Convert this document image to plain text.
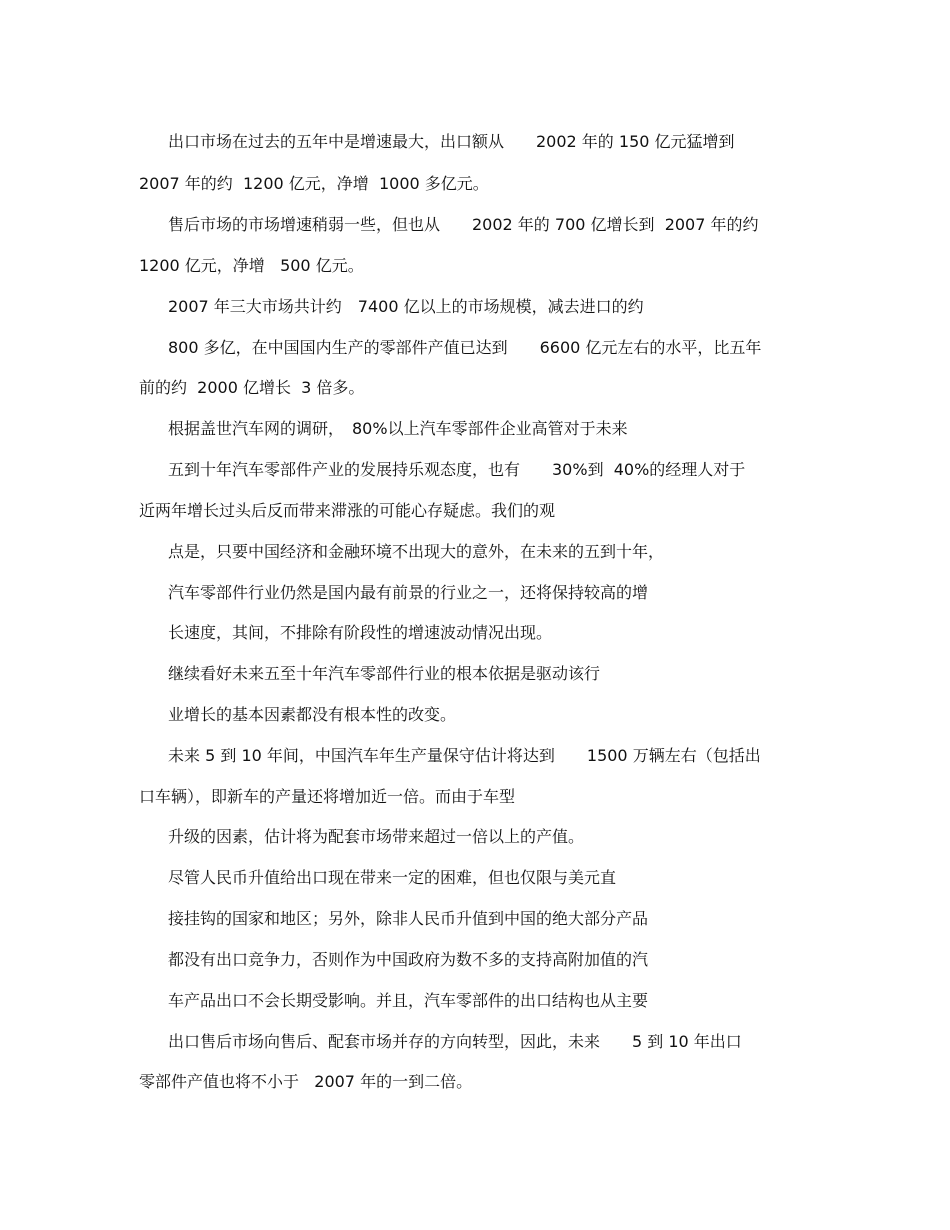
出口市场在过去的五年中是增速最大，出口额从　　2002 年的 150 亿元猛增到
2007 年的约  1200 亿元，净增  1000 多亿元。
售后市场的市场增速稍弱一些，但也从　　2002 年的 700 亿增长到  2007 年的约
1200 亿元，净增   500 亿元。
2007 年三大市场共计约　7400 亿以上的市场规模，减去进口的约
800 多亿，在中国国内生产的零部件产值已达到　　6600 亿元左右的水平，比五年
前的约  2000 亿增长  3 倍多。
根据盖世汽车网的调研，　80%以上汽车零部件企业高管对于未来
五到十年汽车零部件产业的发展持乐观态度，也有　　30%到  40%的经理人对于
近两年增长过头后反而带来滞涨的可能心存疑虑。我们的观
点是，只要中国经济和金融环境不出现大的意外，在未来的五到十年，
汽车零部件行业仍然是国内最有前景的行业之一，还将保持较高的增
长速度，其间，不排除有阶段性的增速波动情况出现。
继续看好未来五至十年汽车零部件行业的根本依据是驱动该行
业增长的基本因素都没有根本性的改变。
未来 5 到 10 年间，中国汽车年生产量保守估计将达到　　1500 万辆左右（包括出
口车辆），即新车的产量还将增加近一倍。而由于车型
升级的因素，估计将为配套市场带来超过一倍以上的产值。
尽管人民币升值给出口现在带来一定的困难，但也仅限与美元直
接挂钩的国家和地区；另外，除非人民币升值到中国的绝大部分产品
都没有出口竞争力，否则作为中国政府为数不多的支持高附加值的汽
车产品出口不会长期受影响。并且，汽车零部件的出口结构也从主要
出口售后市场向售后、配套市场并存的方向转型，因此，未来　　5 到 10 年出口
零部件产值也将不小于   2007 年的一到二倍。
